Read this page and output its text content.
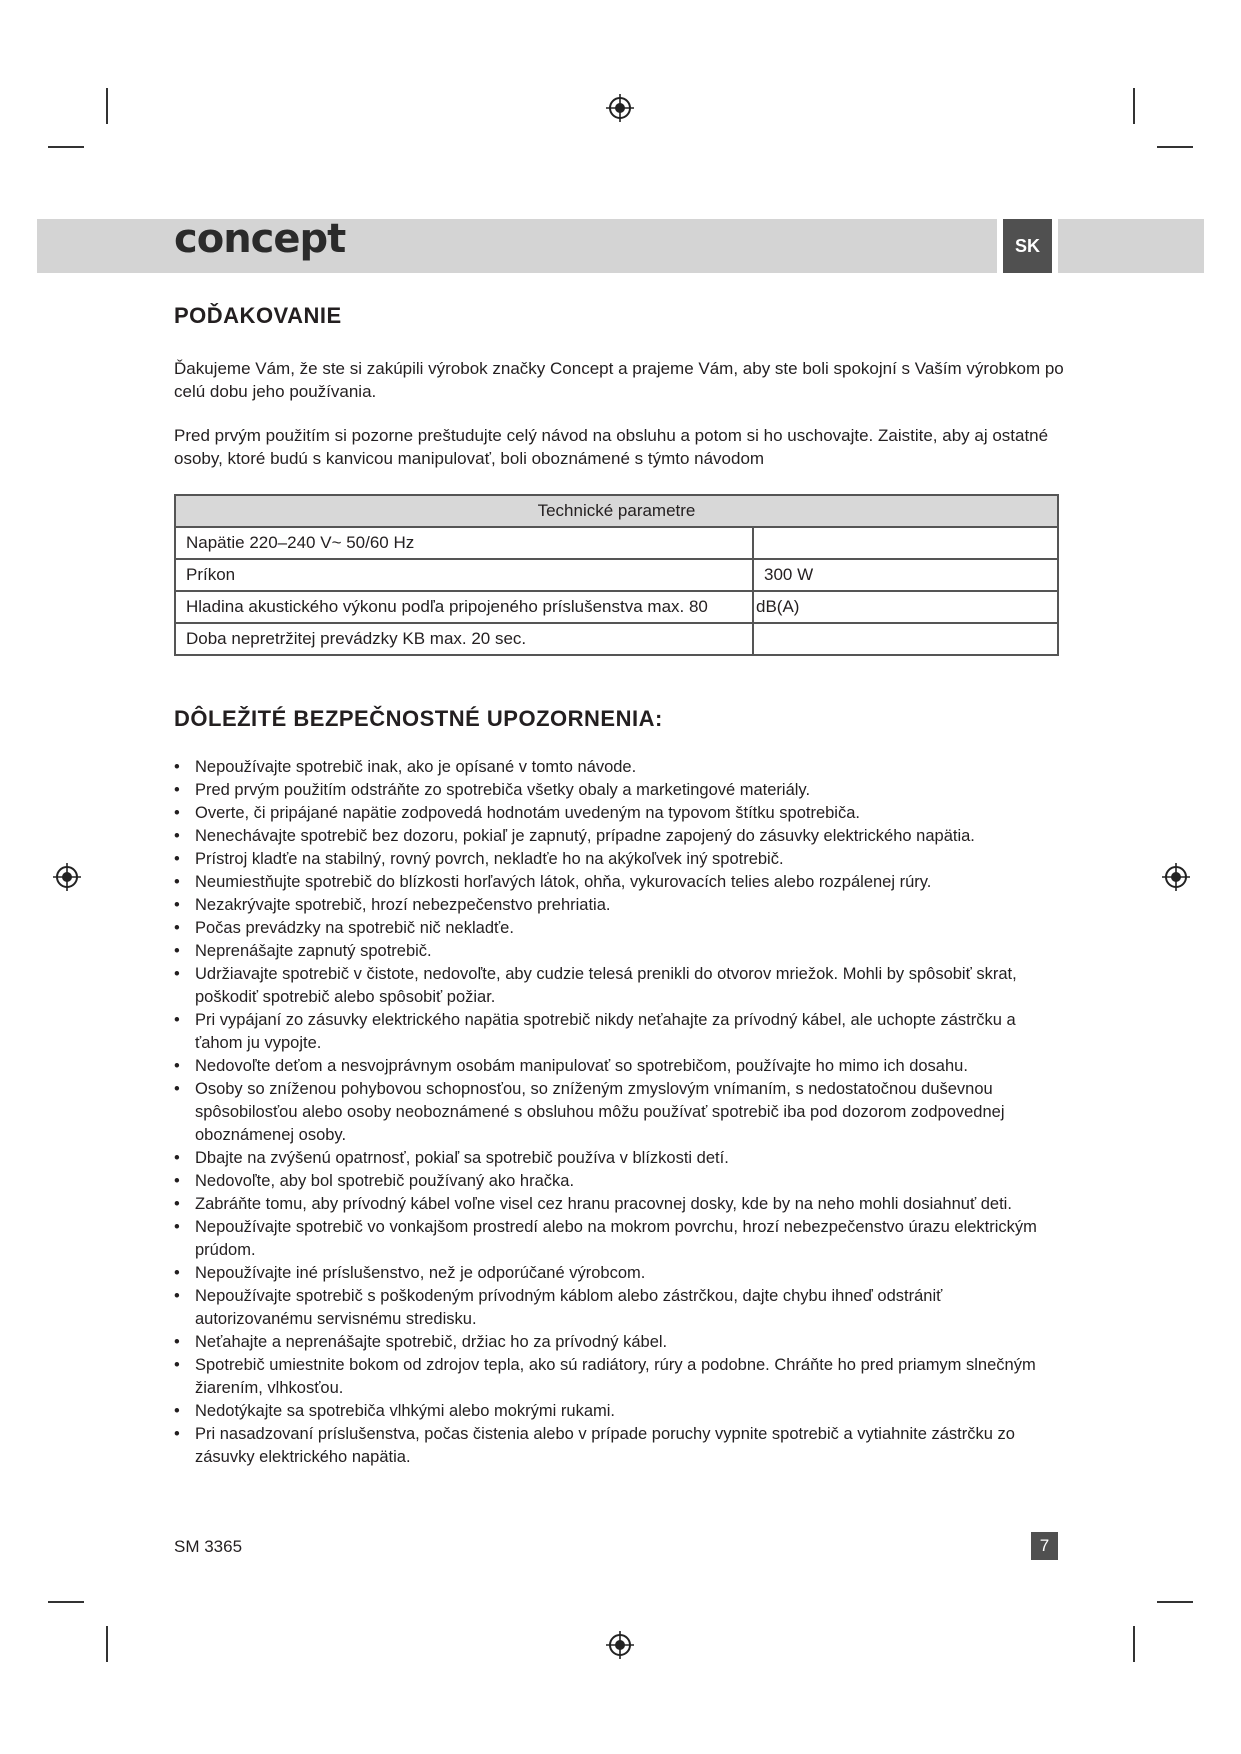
concept	SK
POĎAKOVANIE

Ďakujeme Vám, že ste si zakúpili výrobok značky Concept a prajeme Vám, aby ste boli spokojní s Vaším výrobkom po celú dobu jeho používania.

Pred prvým použitím si pozorne preštudujte celý návod na obsluhu a potom si ho uschovajte. Zaistite, aby aj ostatné osoby, ktoré budú s kanvicou manipulovať, boli oboznámené s týmto návodom

Technické parametre	
Napätie 220–240 V~ 50/60 Hz	
Príkon	300 W
Hladina akustického výkonu podľa pripojeného príslušenstva max. 80	dB(A)
Doba nepretržitej prevádzky KB max. 20 sec.	
DÔLEŽITÉ BEZPEČNOSTNÉ UPOZORNENIA:
• Nepoužívajte spotrebič inak, ako je opísané v tomto návode.
• Pred prvým použitím odstráňte zo spotrebiča všetky obaly a marketingové materiály.
• Overte, či pripájané napätie zodpovedá hodnotám uvedeným na typovom štítku spotrebiča.
• Nenechávajte spotrebič bez dozoru, pokiaľ je zapnutý, prípadne zapojený do zásuvky elektrického napätia.
• Prístroj kladťe na stabilný, rovný povrch, nekladťe ho na akýkoľvek iný spotrebič.
• Neumiestňujte spotrebič do blízkosti horľavých látok, ohňa, vykurovacích telies alebo rozpálenej rúry.
• Nezakrývajte spotrebič, hrozí nebezpečenstvo prehriatia.
• Počas prevádzky na spotrebič nič nekladťe.
• Neprenášajte zapnutý spotrebič.
• Udržiavajte spotrebič v čistote, nedovoľte, aby cudzie telesá prenikli do otvorov mriežok. Mohli by spôsobiť skrat, poškodiť spotrebič alebo spôsobiť požiar.
• Pri vypájaní zo zásuvky elektrického napätia spotrebič nikdy neťahajte za prívodný kábel, ale uchopte zástrčku a ťahom ju vypojte.
• Nedovoľte deťom a nesvojprávnym osobám manipulovať so spotrebičom, používajte ho mimo ich dosahu.
• Osoby so zníženou pohybovou schopnosťou, so zníženým zmyslovým vnímaním, s nedostatočnou duševnou spôsobilosťou alebo osoby neoboznámené s obsluhou môžu používať spotrebič iba pod dozorom zodpovednej oboznámenej osoby.
• Dbajte na zvýšenú opatrnosť, pokiaľ sa spotrebič používa v blízkosti detí.
• Nedovoľte, aby bol spotrebič používaný ako hračka.
• Zabráňte tomu, aby prívodný kábel voľne visel cez hranu pracovnej dosky, kde by na neho mohli dosiahnuť deti.
• Nepoužívajte spotrebič vo vonkajšom prostredí alebo na mokrom povrchu, hrozí nebezpečenstvo úrazu elektrickým prúdom.
• Nepoužívajte iné príslušenstvo, než je odporúčané výrobcom.
• Nepoužívajte spotrebič s poškodeným prívodným káblom alebo zástrčkou, dajte chybu ihneď odstrániť autorizovanému servisnému stredisku.
• Neťahajte a neprenášajte spotrebič, držiac ho za prívodný kábel.
• Spotrebič umiestnite bokom od zdrojov tepla, ako sú radiátory, rúry a podobne. Chráňte ho pred priamym slnečným žiarením, vlhkosťou.
• Nedotýkajte sa spotrebiča vlhkými alebo mokrými rukami.
• Pri nasadzovaní príslušenstva, počas čistenia alebo v prípade poruchy vypnite spotrebič a vytiahnite zástrčku zo zásuvky elektrického napätia.
SM 3365	7
